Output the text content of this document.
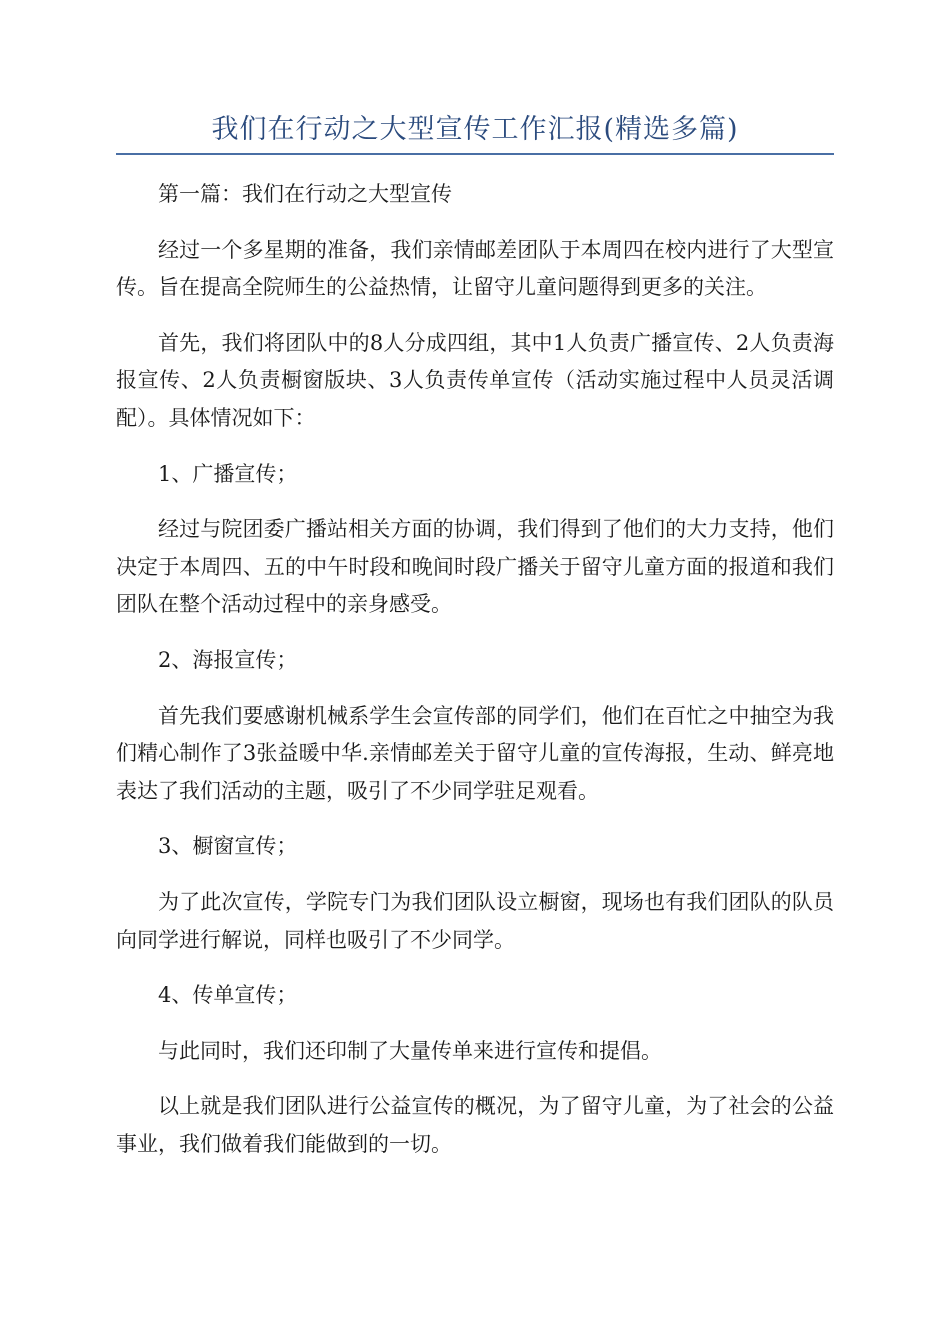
我们在行动之大型宣传工作汇报(精选多篇)

第一篇：我们在行动之大型宣传

经过一个多星期的准备，我们亲情邮差团队于本周四在校内进行了大型宣传。旨在提高全院师生的公益热情，让留守儿童问题得到更多的关注。

首先，我们将团队中的8人分成四组，其中1人负责广播宣传、2人负责海报宣传、2人负责橱窗版块、3人负责传单宣传（活动实施过程中人员灵活调配）。具体情况如下：

1、广播宣传；

经过与院团委广播站相关方面的协调，我们得到了他们的大力支持，他们决定于本周四、五的中午时段和晚间时段广播关于留守儿童方面的报道和我们团队在整个活动过程中的亲身感受。

2、海报宣传；

首先我们要感谢机械系学生会宣传部的同学们，他们在百忙之中抽空为我们精心制作了3张益暖中华.亲情邮差关于留守儿童的宣传海报，生动、鲜亮地表达了我们活动的主题，吸引了不少同学驻足观看。

3、橱窗宣传；

为了此次宣传，学院专门为我们团队设立橱窗，现场也有我们团队的队员向同学进行解说，同样也吸引了不少同学。

4、传单宣传；

与此同时，我们还印制了大量传单来进行宣传和提倡。

以上就是我们团队进行公益宣传的概况，为了留守儿童，为了社会的公益事业，我们做着我们能做到的一切。
